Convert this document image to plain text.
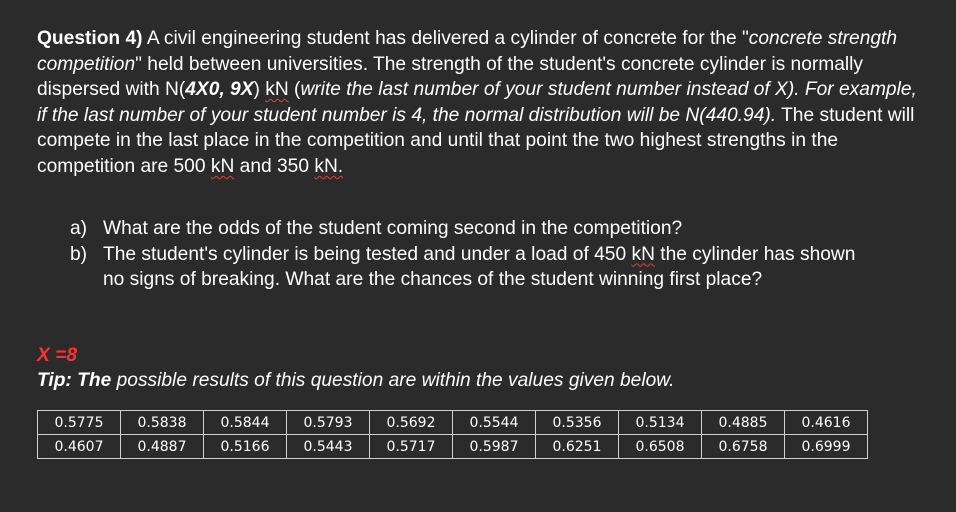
Question 4) A civil engineering student has delivered a cylinder of concrete for the "concrete strength competition" held between universities. The strength of the student's concrete cylinder is normally dispersed with N(4X0, 9X) kN (write the last number of your student number instead of X). For example, if the last number of your student number is 4, the normal distribution will be N(440.94). The student will compete in the last place in the competition and until that point the two highest strengths in the competition are 500 kN and 350 kN.
a) What are the odds of the student coming second in the competition?
b) The student's cylinder is being tested and under a load of 450 kN the cylinder has shown no signs of breaking. What are the chances of the student winning first place?
X =8
Tip: The possible results of this question are within the values given below.
0.5775	0.5838	0.5844	0.5793	0.5692	0.5544	0.5356	0.5134	0.4885	0.4616
0.4607	0.4887	0.5166	0.5443	0.5717	0.5987	0.6251	0.6508	0.6758	0.6999
